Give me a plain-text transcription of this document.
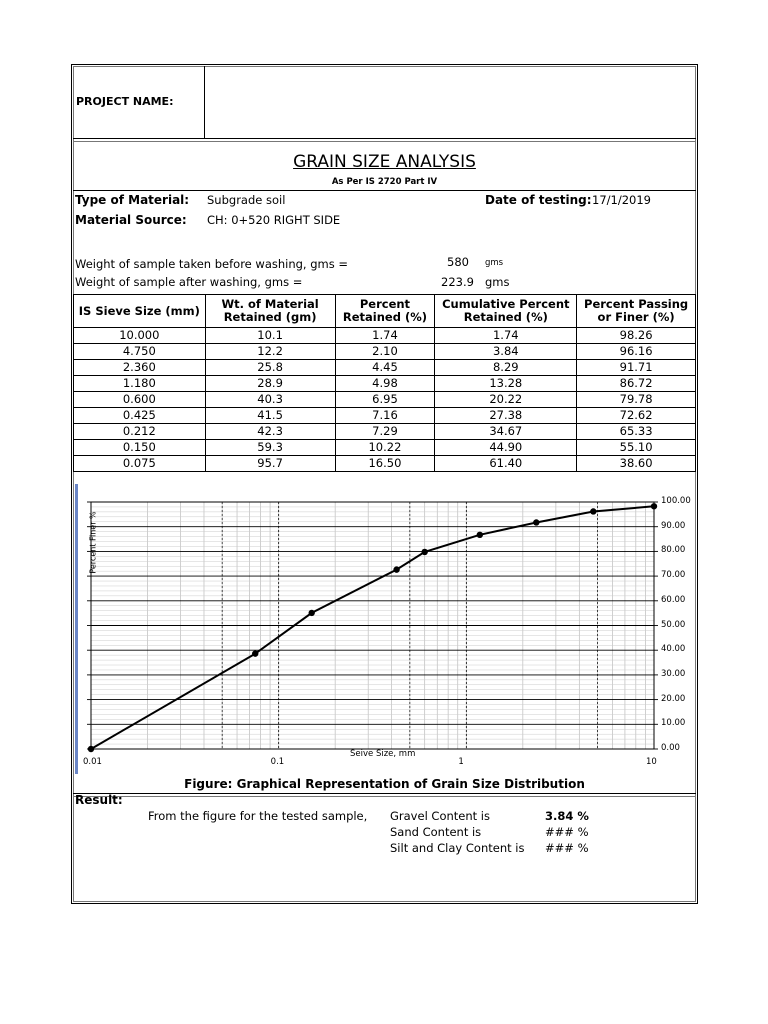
PROJECT NAME:
GRAIN SIZE ANALYSIS
As Per IS 2720 Part IV
Type of Material: Subgrade soil	Date of testing: 17/1/2019
Material Source: CH: 0+520 RIGHT SIDE
Weight of sample taken before washing, gms =	580 gms
Weight of sample after washing, gms =	223.9 gms
IS Sieve Size (mm)	Wt. of Material Retained (gm)	Percent Retained (%)	Cumulative Percent Retained (%)	Percent Passing or Finer (%)
10.000	10.1	1.74	1.74	98.26
4.750	12.2	2.10	3.84	96.16
2.360	25.8	4.45	8.29	91.71
1.180	28.9	4.98	13.28	86.72
0.600	40.3	6.95	20.22	79.78
0.425	41.5	7.16	27.38	72.62
0.212	42.3	7.29	34.67	65.33
0.150	59.3	10.22	44.90	55.10
0.075	95.7	16.50	61.40	38.60
Percent Finer %
Seive Size, mm
0.01	0.1	1	10
100.00
90.00
80.00
70.00
60.00
50.00
40.00
30.00
20.00
10.00
0.00
Figure: Graphical Representation of Grain Size Distribution
Result:
From the figure for the tested sample, Gravel Content is	3.84 %
Sand Content is	### %
Silt and Clay Content is ### %
